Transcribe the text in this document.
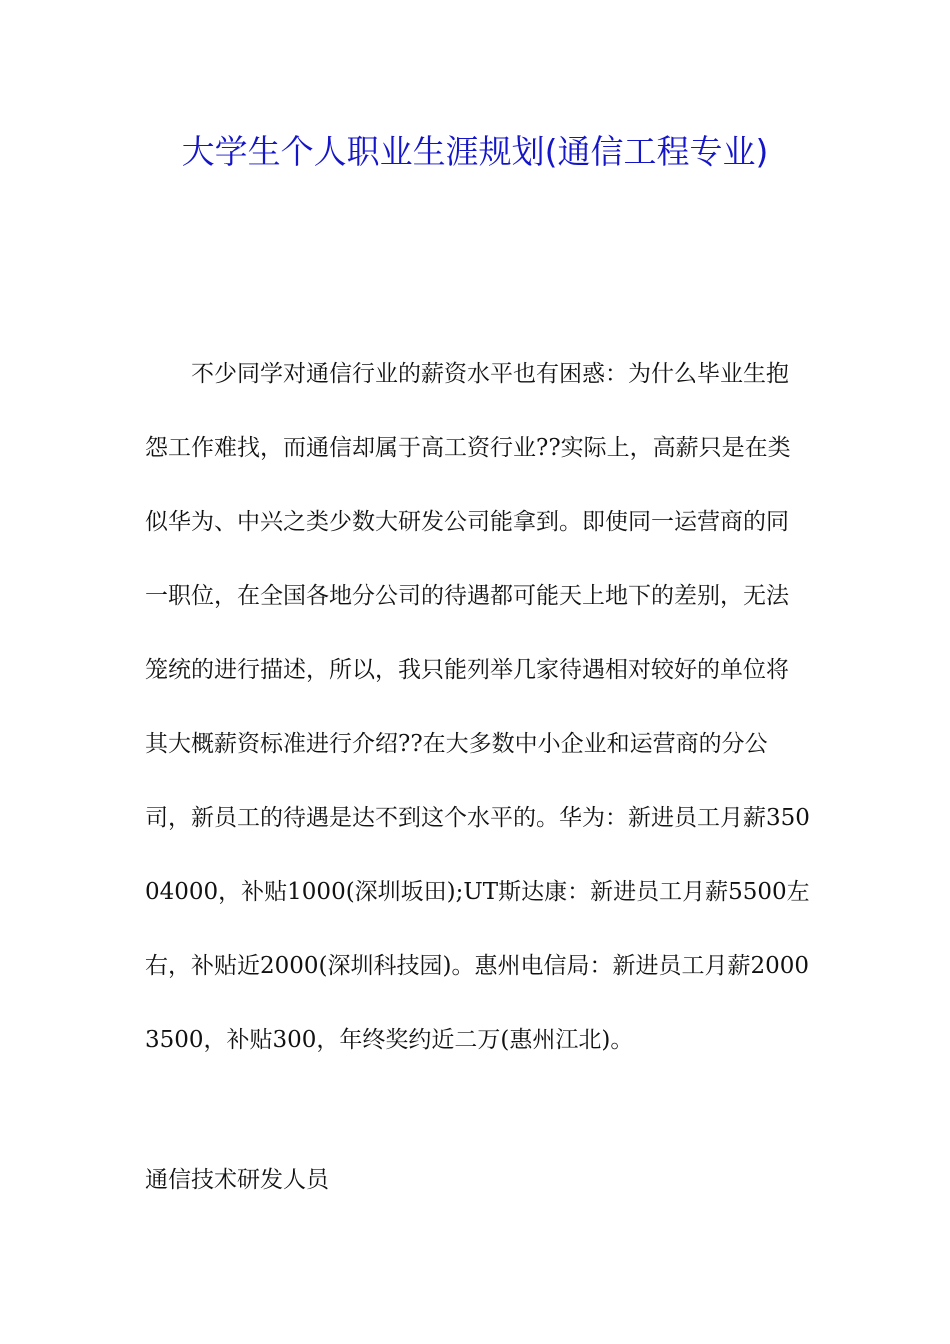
大学生个人职业生涯规划(通信工程专业)

不少同学对通信行业的薪资水平也有困惑：为什么毕业生抱怨工作难找，而通信却属于高工资行业??实际上，高薪只是在类似华为、中兴之类少数大研发公司能拿到。即使同一运营商的同一职位，在全国各地分公司的待遇都可能天上地下的差别，无法笼统的进行描述，所以，我只能列举几家待遇相对较好的单位将其大概薪资标准进行介绍??在大多数中小企业和运营商的分公司，新员工的待遇是达不到这个水平的。华为：新进员工月薪35004000，补贴1000(深圳坂田);UT斯达康：新进员工月薪5500左右，补贴近2000(深圳科技园)。惠州电信局：新进员工月薪20003500，补贴300，年终奖约近二万(惠州江北)。

通信技术研发人员
